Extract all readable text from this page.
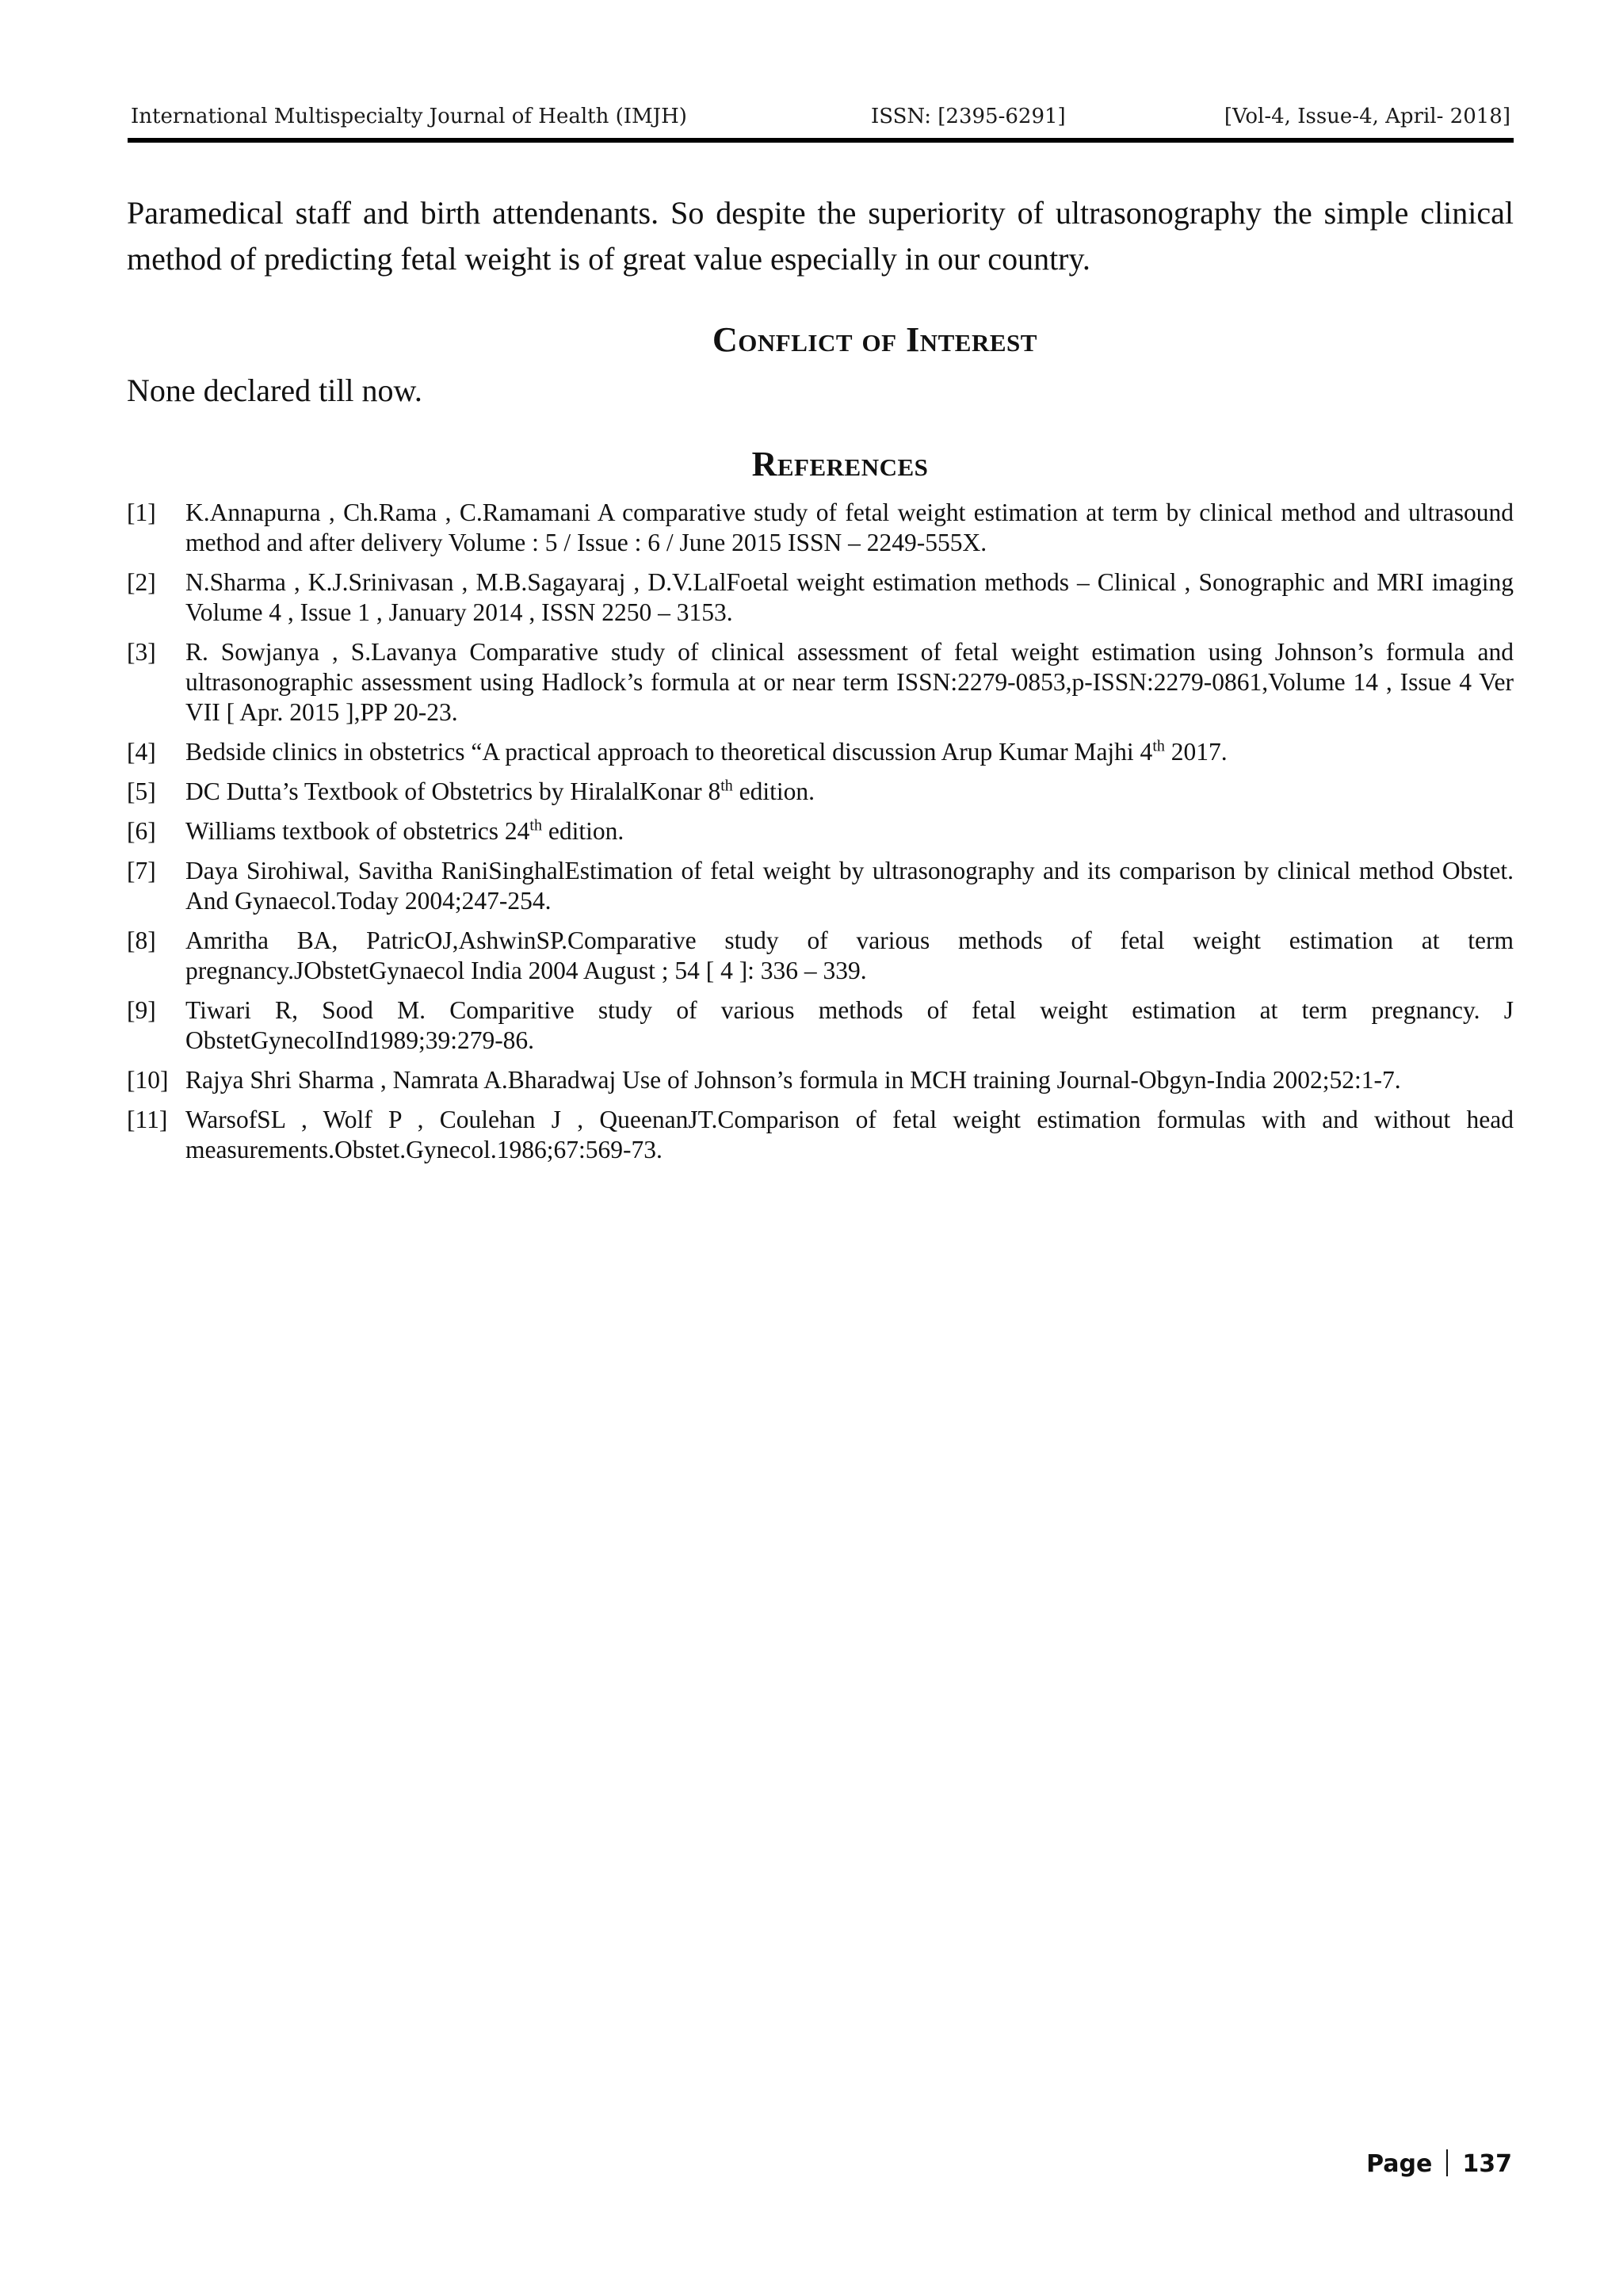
International Multispecialty Journal of Health (IMJH)	ISSN: [2395-6291]	[Vol-4, Issue-4, April- 2018]

Paramedical staff and birth attendenants. So despite the superiority of ultrasonography the simple clinical method of predicting fetal weight is of great value especially in our country.

Conflict of Interest

None declared till now.

References
[1] K.Annapurna , Ch.Rama , C.Ramamani A comparative study of fetal weight estimation at term by clinical method and ultrasound method and after delivery Volume : 5 / Issue : 6 / June 2015 ISSN – 2249-555X.
[2] N.Sharma , K.J.Srinivasan , M.B.Sagayaraj , D.V.LalFoetal weight estimation methods – Clinical , Sonographic and MRI imaging Volume 4 , Issue 1 , January 2014 , ISSN 2250 – 3153.
[3] R. Sowjanya , S.Lavanya Comparative study of clinical assessment of fetal weight estimation using Johnson’s formula and ultrasonographic assessment using Hadlock’s formula at or near term ISSN:2279-0853,p-ISSN:2279-0861,Volume 14 , Issue 4 Ver VII [ Apr. 2015 ],PP 20-23.
[4] Bedside clinics in obstetrics “A practical approach to theoretical discussion Arup Kumar Majhi 4th 2017.
[5] DC Dutta’s Textbook of Obstetrics by HiralalKonar 8th edition.
[6] Williams textbook of obstetrics 24th edition.
[7] Daya Sirohiwal, Savitha RaniSinghalEstimation of fetal weight by ultrasonography and its comparison by clinical method Obstet. And Gynaecol.Today 2004;247-254.
[8] Amritha BA, PatricOJ,AshwinSP.Comparative study of various methods of fetal weight estimation at term pregnancy.JObstetGynaecol India 2004 August ; 54 [ 4 ]: 336 – 339.
[9] Tiwari R, Sood M. Comparitive study of various methods of fetal weight estimation at term pregnancy. J ObstetGynecolInd1989;39:279-86.
[10] Rajya Shri Sharma , Namrata A.Bharadwaj Use of Johnson’s formula in MCH training Journal-Obgyn-India 2002;52:1-7.
[11] WarsofSL , Wolf P , Coulehan J , QueenanJT.Comparison of fetal weight estimation formulas with and without head measurements.Obstet.Gynecol.1986;67:569-73.
Page 137
